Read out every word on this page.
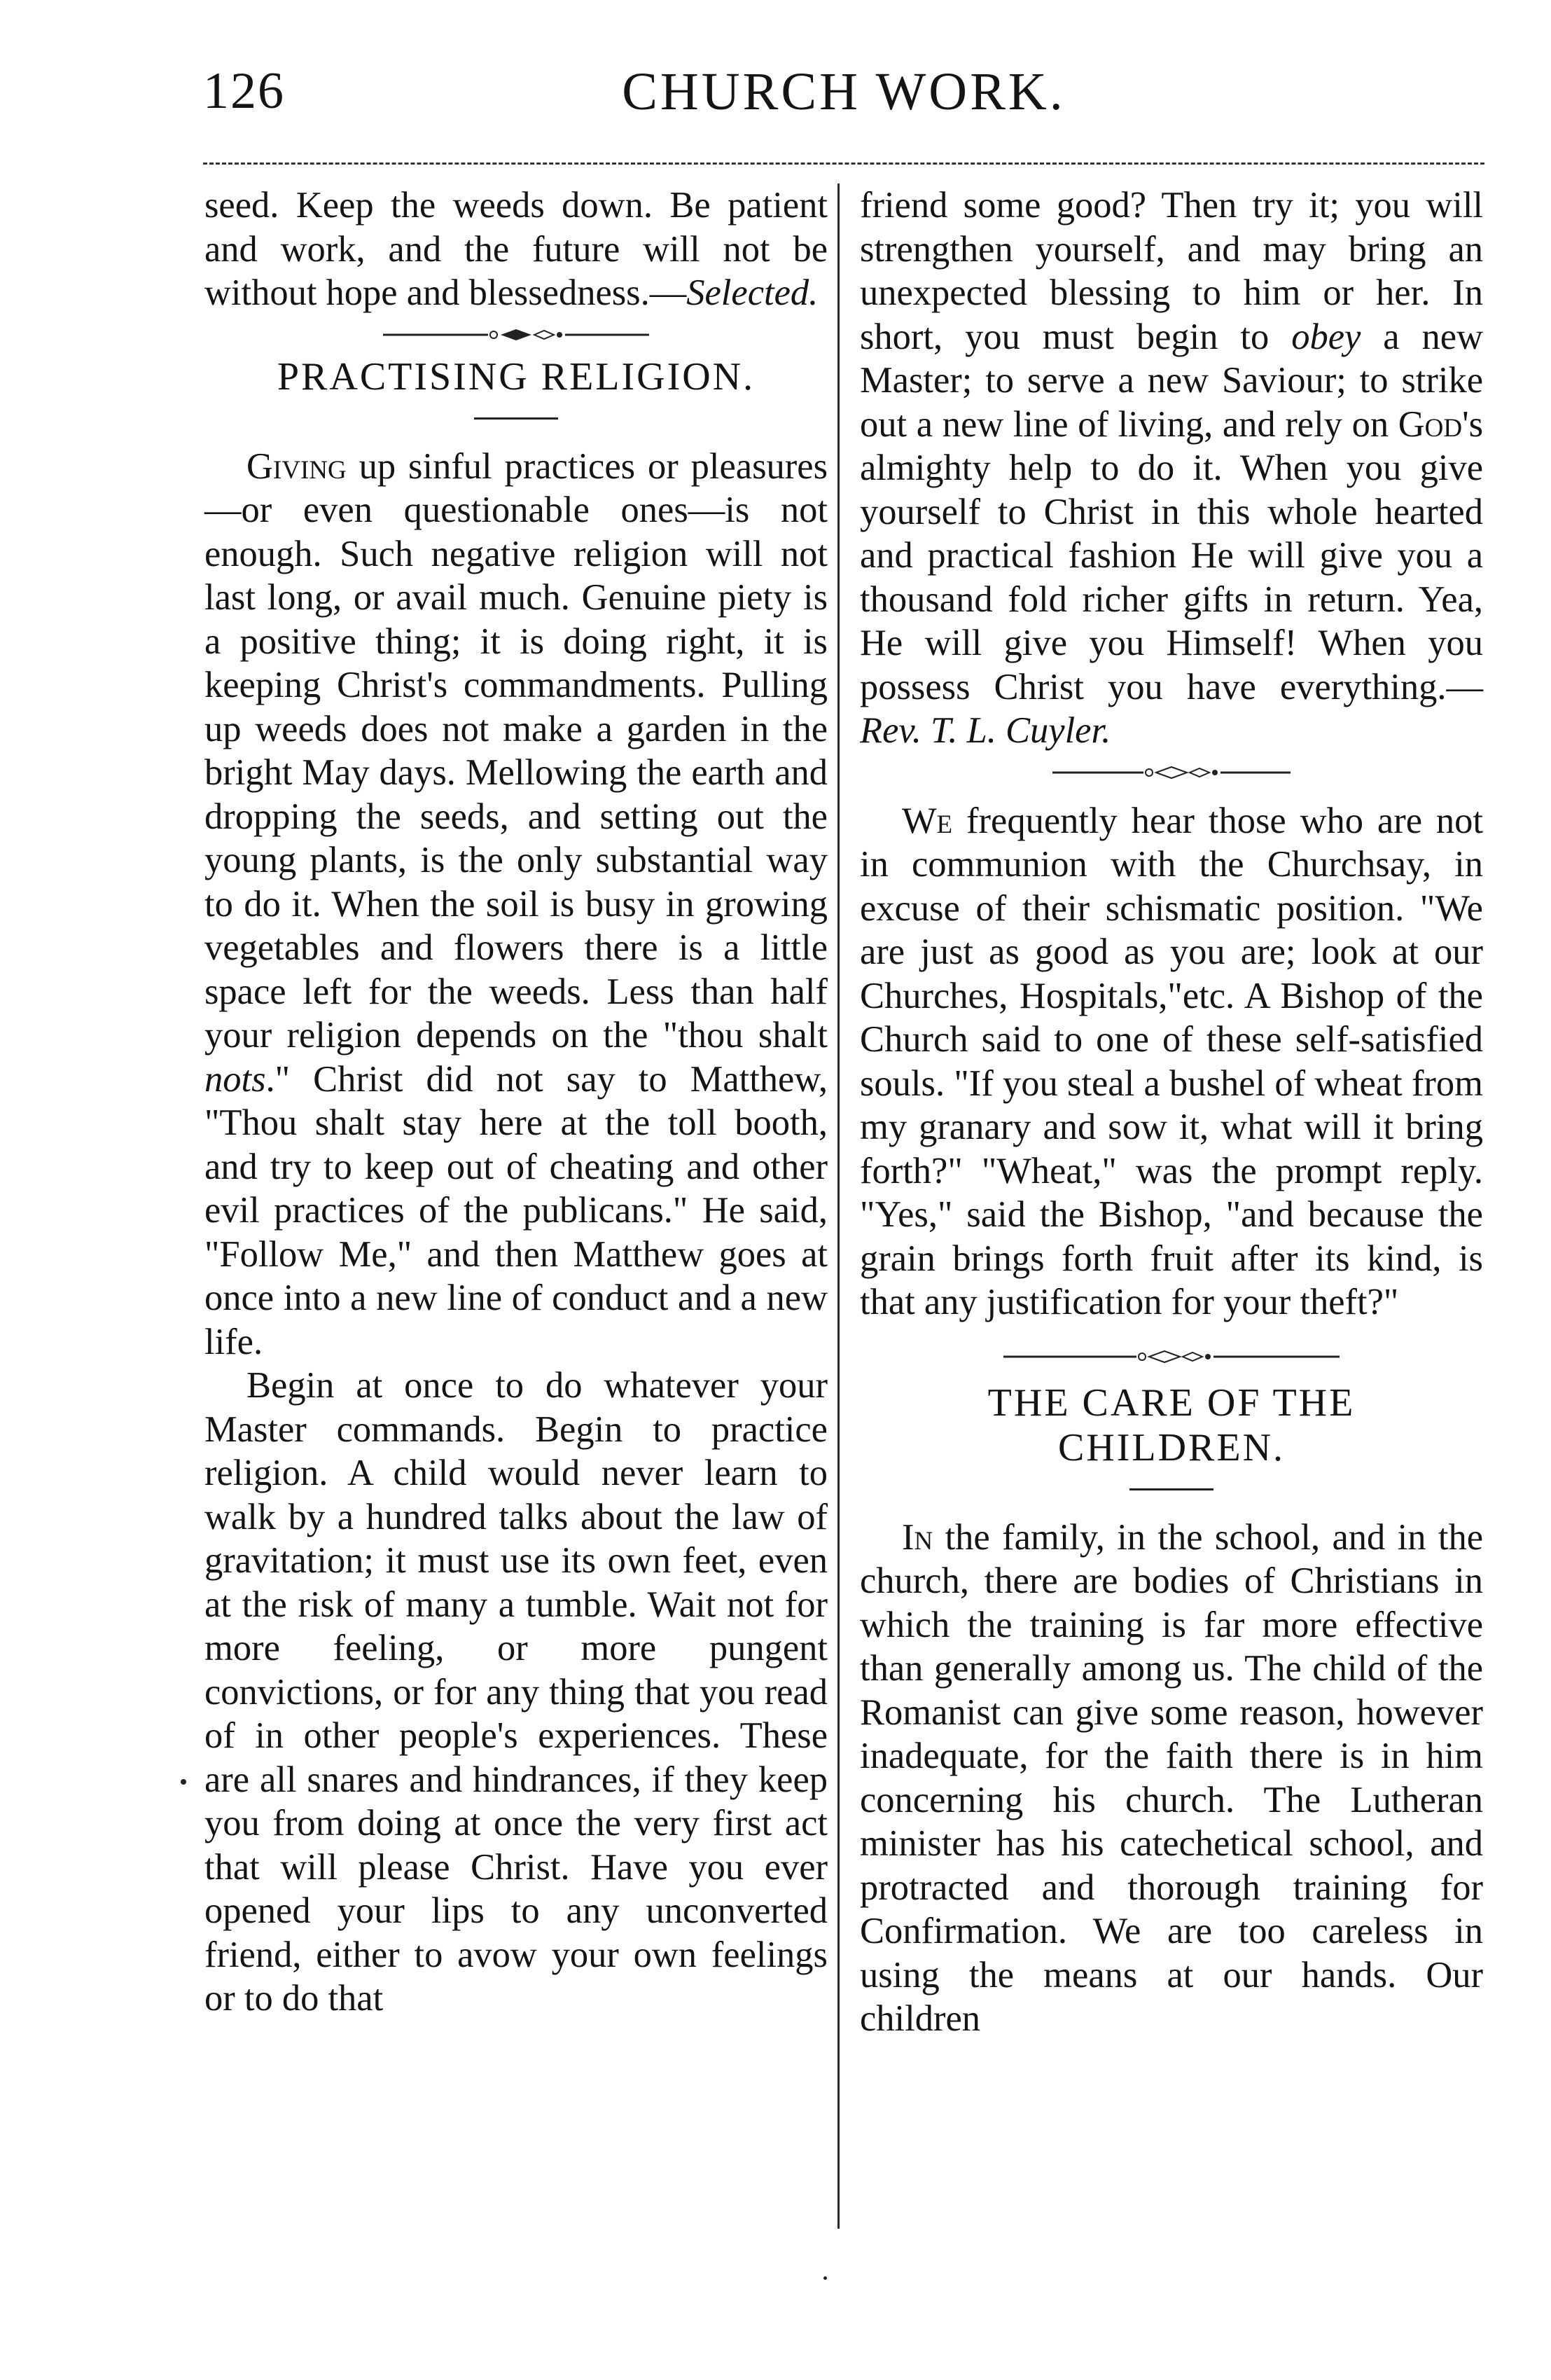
126	CHURCH WORK.

seed. Keep the weeds down. Be patient and work, and the future will not be without hope and blessedness.—Selected.

PRACTISING RELIGION.

Giving up sinful practices or pleasures—or even questionable ones—is not enough. Such negative religion will not last long, or avail much. Genuine piety is a positive thing; it is doing right, it is keeping Christ's commandments. Pulling up weeds does not make a garden in the bright May days. Mellowing the earth and dropping the seeds, and setting out the young plants, is the only substantial way to do it. When the soil is busy in growing vegetables and flowers there is a little space left for the weeds. Less than half your religion depends on the "thou shalt nots." Christ did not say to Matthew, "Thou shalt stay here at the toll booth, and try to keep out of cheating and other evil practices of the publicans." He said, "Follow Me," and then Matthew goes at once into a new line of conduct and a new life.

Begin at once to do whatever your Master commands. Begin to practice religion. A child would never learn to walk by a hundred talks about the law of gravitation; it must use its own feet, even at the risk of many a tumble. Wait not for more feeling, or more pungent convictions, or for any thing that you read of in other people's experiences. These are all snares and hindrances, if they keep you from doing at once the very first act that will please Christ. Have you ever opened your lips to any unconverted friend, either to avow your own feelings or to do that

friend some good? Then try it; you will strengthen yourself, and may bring an unexpected blessing to him or her. In short, you must begin to obey a new Master; to serve a new Saviour; to strike out a new line of living, and rely on God's almighty help to do it. When you give yourself to Christ in this whole hearted and practical fashion He will give you a thousand fold richer gifts in return. Yea, He will give you Himself! When you possess Christ you have everything.—Rev. T. L. Cuyler.

We frequently hear those who are not in communion with the Churchsay, in excuse of their schismatic position. "We are just as good as you are; look at our Churches, Hospitals,"etc. A Bishop of the Church said to one of these self-satisfied souls. "If you steal a bushel of wheat from my granary and sow it, what will it bring forth?" "Wheat," was the prompt reply. "Yes," said the Bishop, "and because the grain brings forth fruit after its kind, is that any justification for your theft?"

THE CARE OF THE
CHILDREN.

In the family, in the school, and in the church, there are bodies of Christians in which the training is far more effective than generally among us. The child of the Romanist can give some reason, however inadequate, for the faith there is in him concerning his church. The Lutheran minister has his catechetical school, and protracted and thorough training for Confirmation. We are too careless in using the means at our hands. Our children
